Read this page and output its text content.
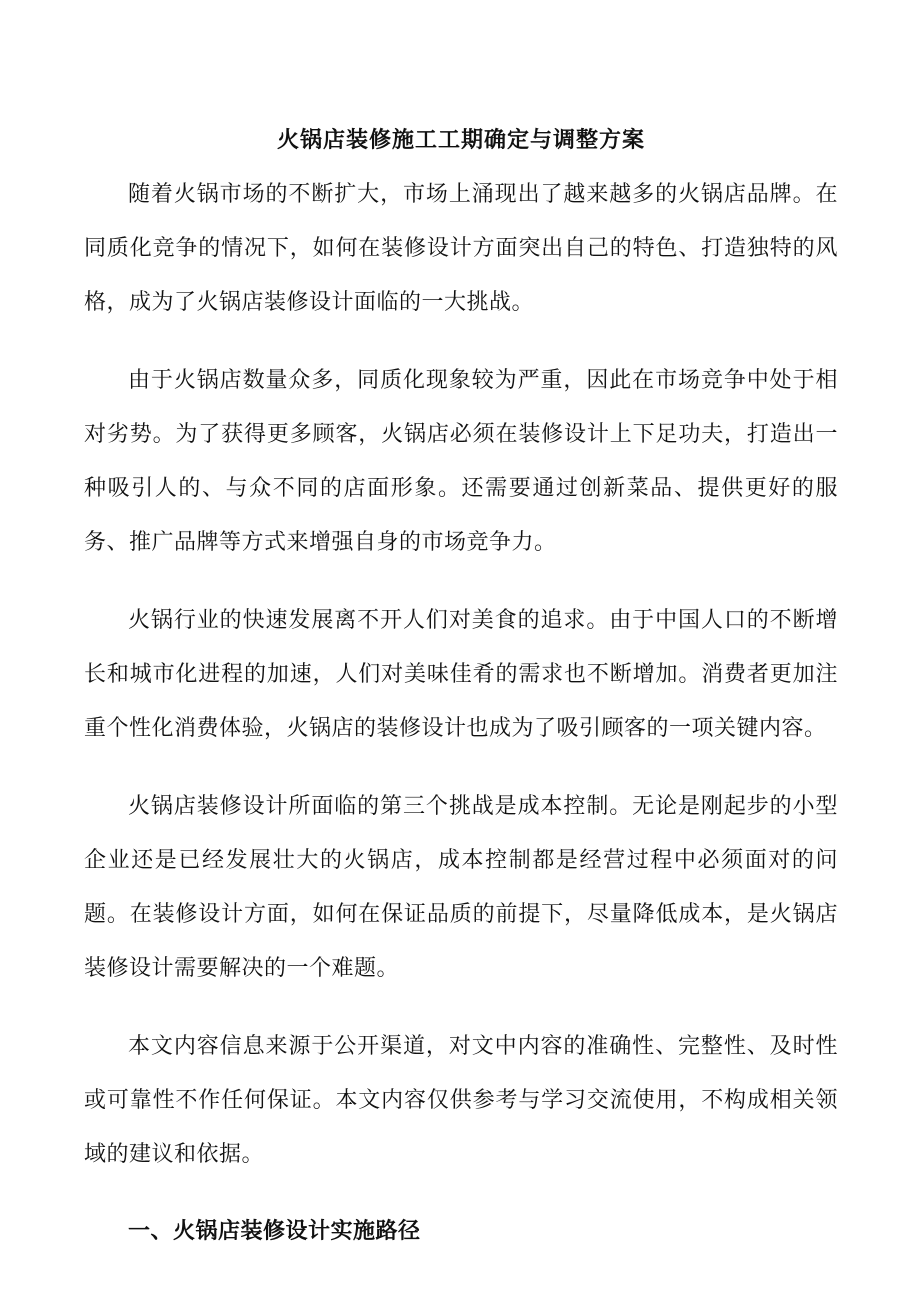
火锅店装修施工工期确定与调整方案

随着火锅市场的不断扩大，市场上涌现出了越来越多的火锅店品牌。在同质化竞争的情况下，如何在装修设计方面突出自己的特色、打造独特的风格，成为了火锅店装修设计面临的一大挑战。

由于火锅店数量众多，同质化现象较为严重，因此在市场竞争中处于相对劣势。为了获得更多顾客，火锅店必须在装修设计上下足功夫，打造出一种吸引人的、与众不同的店面形象。还需要通过创新菜品、提供更好的服务、推广品牌等方式来增强自身的市场竞争力。

火锅行业的快速发展离不开人们对美食的追求。由于中国人口的不断增长和城市化进程的加速，人们对美味佳肴的需求也不断增加。消费者更加注重个性化消费体验，火锅店的装修设计也成为了吸引顾客的一项关键内容。

火锅店装修设计所面临的第三个挑战是成本控制。无论是刚起步的小型企业还是已经发展壮大的火锅店，成本控制都是经营过程中必须面对的问题。在装修设计方面，如何在保证品质的前提下，尽量降低成本，是火锅店装修设计需要解决的一个难题。

本文内容信息来源于公开渠道，对文中内容的准确性、完整性、及时性或可靠性不作任何保证。本文内容仅供参考与学习交流使用，不构成相关领域的建议和依据。

一、火锅店装修设计实施路径
